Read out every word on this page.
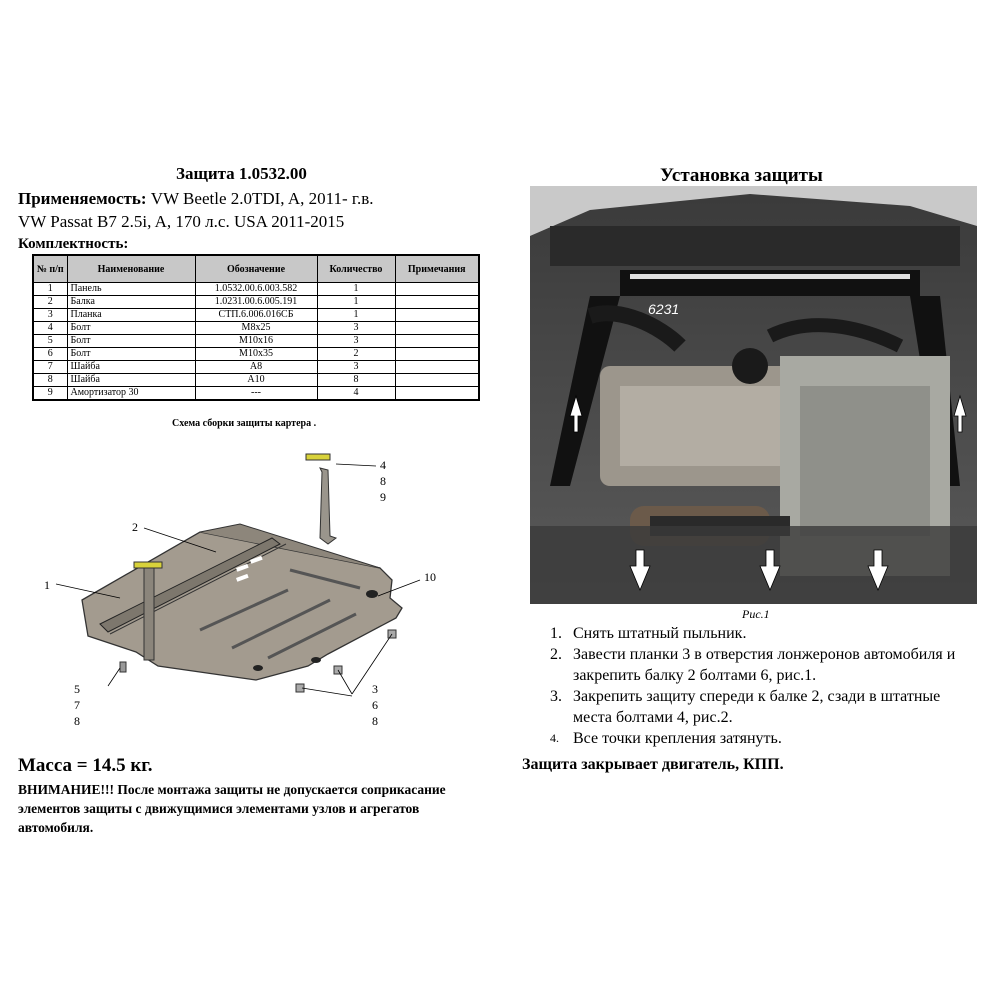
Защита 1.0532.00
Применяемость: VW Beetle 2.0TDI, A, 2011- г.в.
VW Passat B7 2.5i, A, 170 л.с. USA 2011-2015
Комплектность:
№ п/п	Наименование	Обозначение	Количество	Примечания
1	Панель	1.0532.00.6.003.582	1	
2	Балка	1.0231.00.6.005.191	1	
3	Планка	СТП.6.006.016СБ	1	
4	Болт	М8х25	3	
5	Болт	М10х16	3	
6	Болт	М10х35	2	
7	Шайба	А8	3	
8	Шайба	А10	8	
9	Амортизатор 30	---	4	
Схема сборки защиты картера .
1
2
4
8
9
10
5
7
8
3
6
8
Масса = 14.5 кг.
ВНИМАНИЕ!!! После монтажа защиты не допускается соприкасание элементов защиты с движущимися элементами узлов и агрегатов автомобиля.
Установка защиты
6231
Рис.1
1. Снять штатный пыльник.
2. Завести планки 3 в отверстия лонжеронов автомобиля и закрепить балку 2 болтами 6, рис.1.
3. Закрепить защиту спереди к балке 2, сзади в штатные места болтами 4, рис.2.
4. Все точки крепления затянуть.
Защита закрывает двигатель, КПП.
